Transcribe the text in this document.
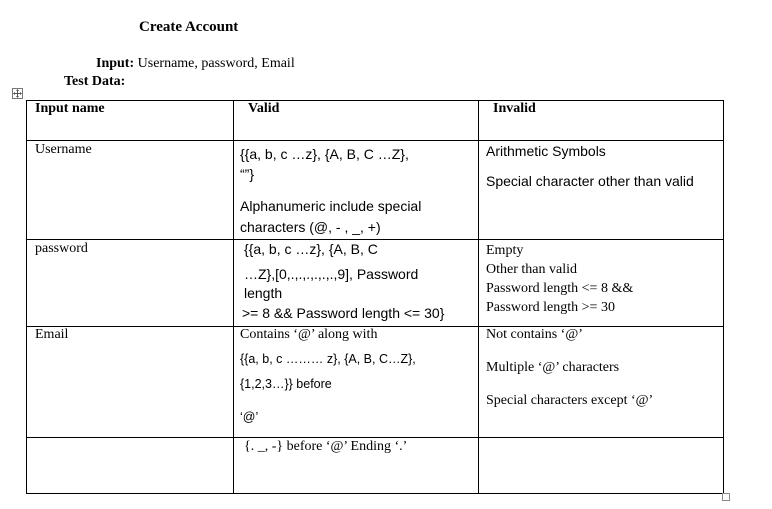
Create Account
Input: Username, password, Email
Test Data:
Input name	Valid	Invalid
Username	{{a, b, c …z}, {A, B, C …Z},
“”}
Alphanumeric include special
characters (@, - , _, +)	Arithmetic Symbols
Special character other than valid

password	{{a, b, c …z}, {A, B, C
…Z},[0,.,.,.,.,.,.,9], Password
length
>= 8 && Password length <= 30}	Empty
Other than valid
Password length <= 8 &&
Password length >= 30

Email	Contains ‘@’ along with
{{a, b, c ……… z}, {A, B, C…Z},
{1,2,3…}} before
‘@’	Not contains ‘@’
Multiple ‘@’ characters
Special characters except ‘@’

	{. _, -} before ‘@’ Ending ‘.’	
